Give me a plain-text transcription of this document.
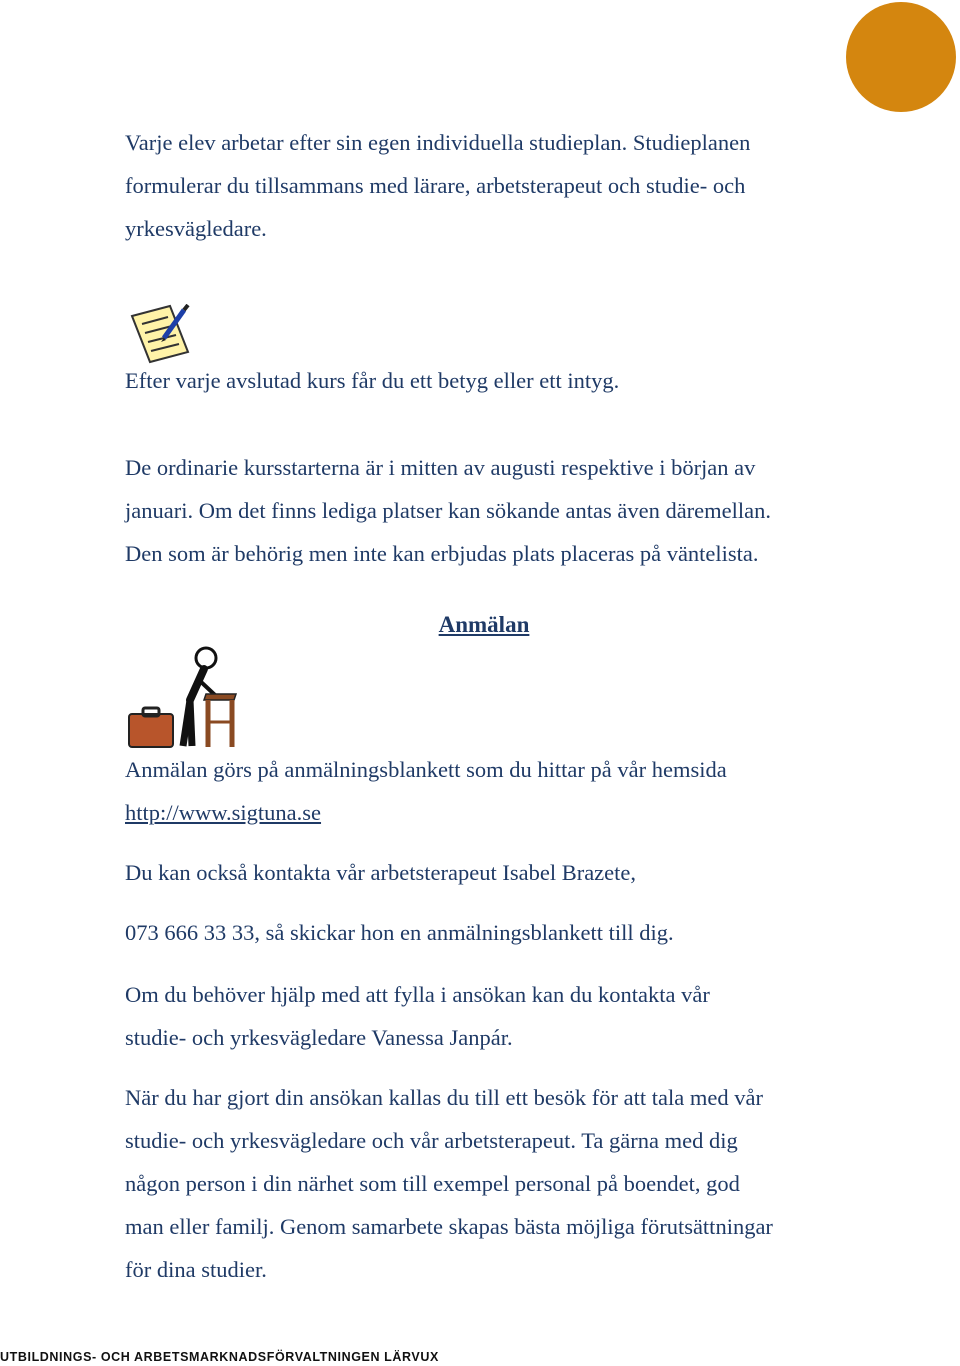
Varje elev arbetar efter sin egen individuella studieplan. Studieplanen
formulerar du tillsammans med lärare, arbetsterapeut och studie- och
yrkesvägledare.

Efter varje avslutad kurs får du ett betyg eller ett intyg.

De ordinarie kursstarterna är i mitten av augusti respektive i början av
januari. Om det finns lediga platser kan sökande antas även däremellan.
Den som är behörig men inte kan erbjudas plats placeras på väntelista.

Anmälan

Anmälan görs på anmälningsblankett som du hittar på vår hemsida
http://www.sigtuna.se

Du kan också kontakta vår arbetsterapeut Isabel Brazete,
073 666 33 33, så skickar hon en anmälningsblankett till dig.

Om du behöver hjälp med att fylla i ansökan kan du kontakta vår
studie- och yrkesvägledare Vanessa Janpár.

När du har gjort din ansökan kallas du till ett besök för att tala med vår
studie- och yrkesvägledare och vår arbetsterapeut. Ta gärna med dig
någon person i din närhet som till exempel personal på boendet, god
man eller familj. Genom samarbete skapas bästa möjliga förutsättningar
för dina studier.

UTBILDNINGS- OCH ARBETSMARKNADSFÖRVALTNINGEN LÄRVUX
